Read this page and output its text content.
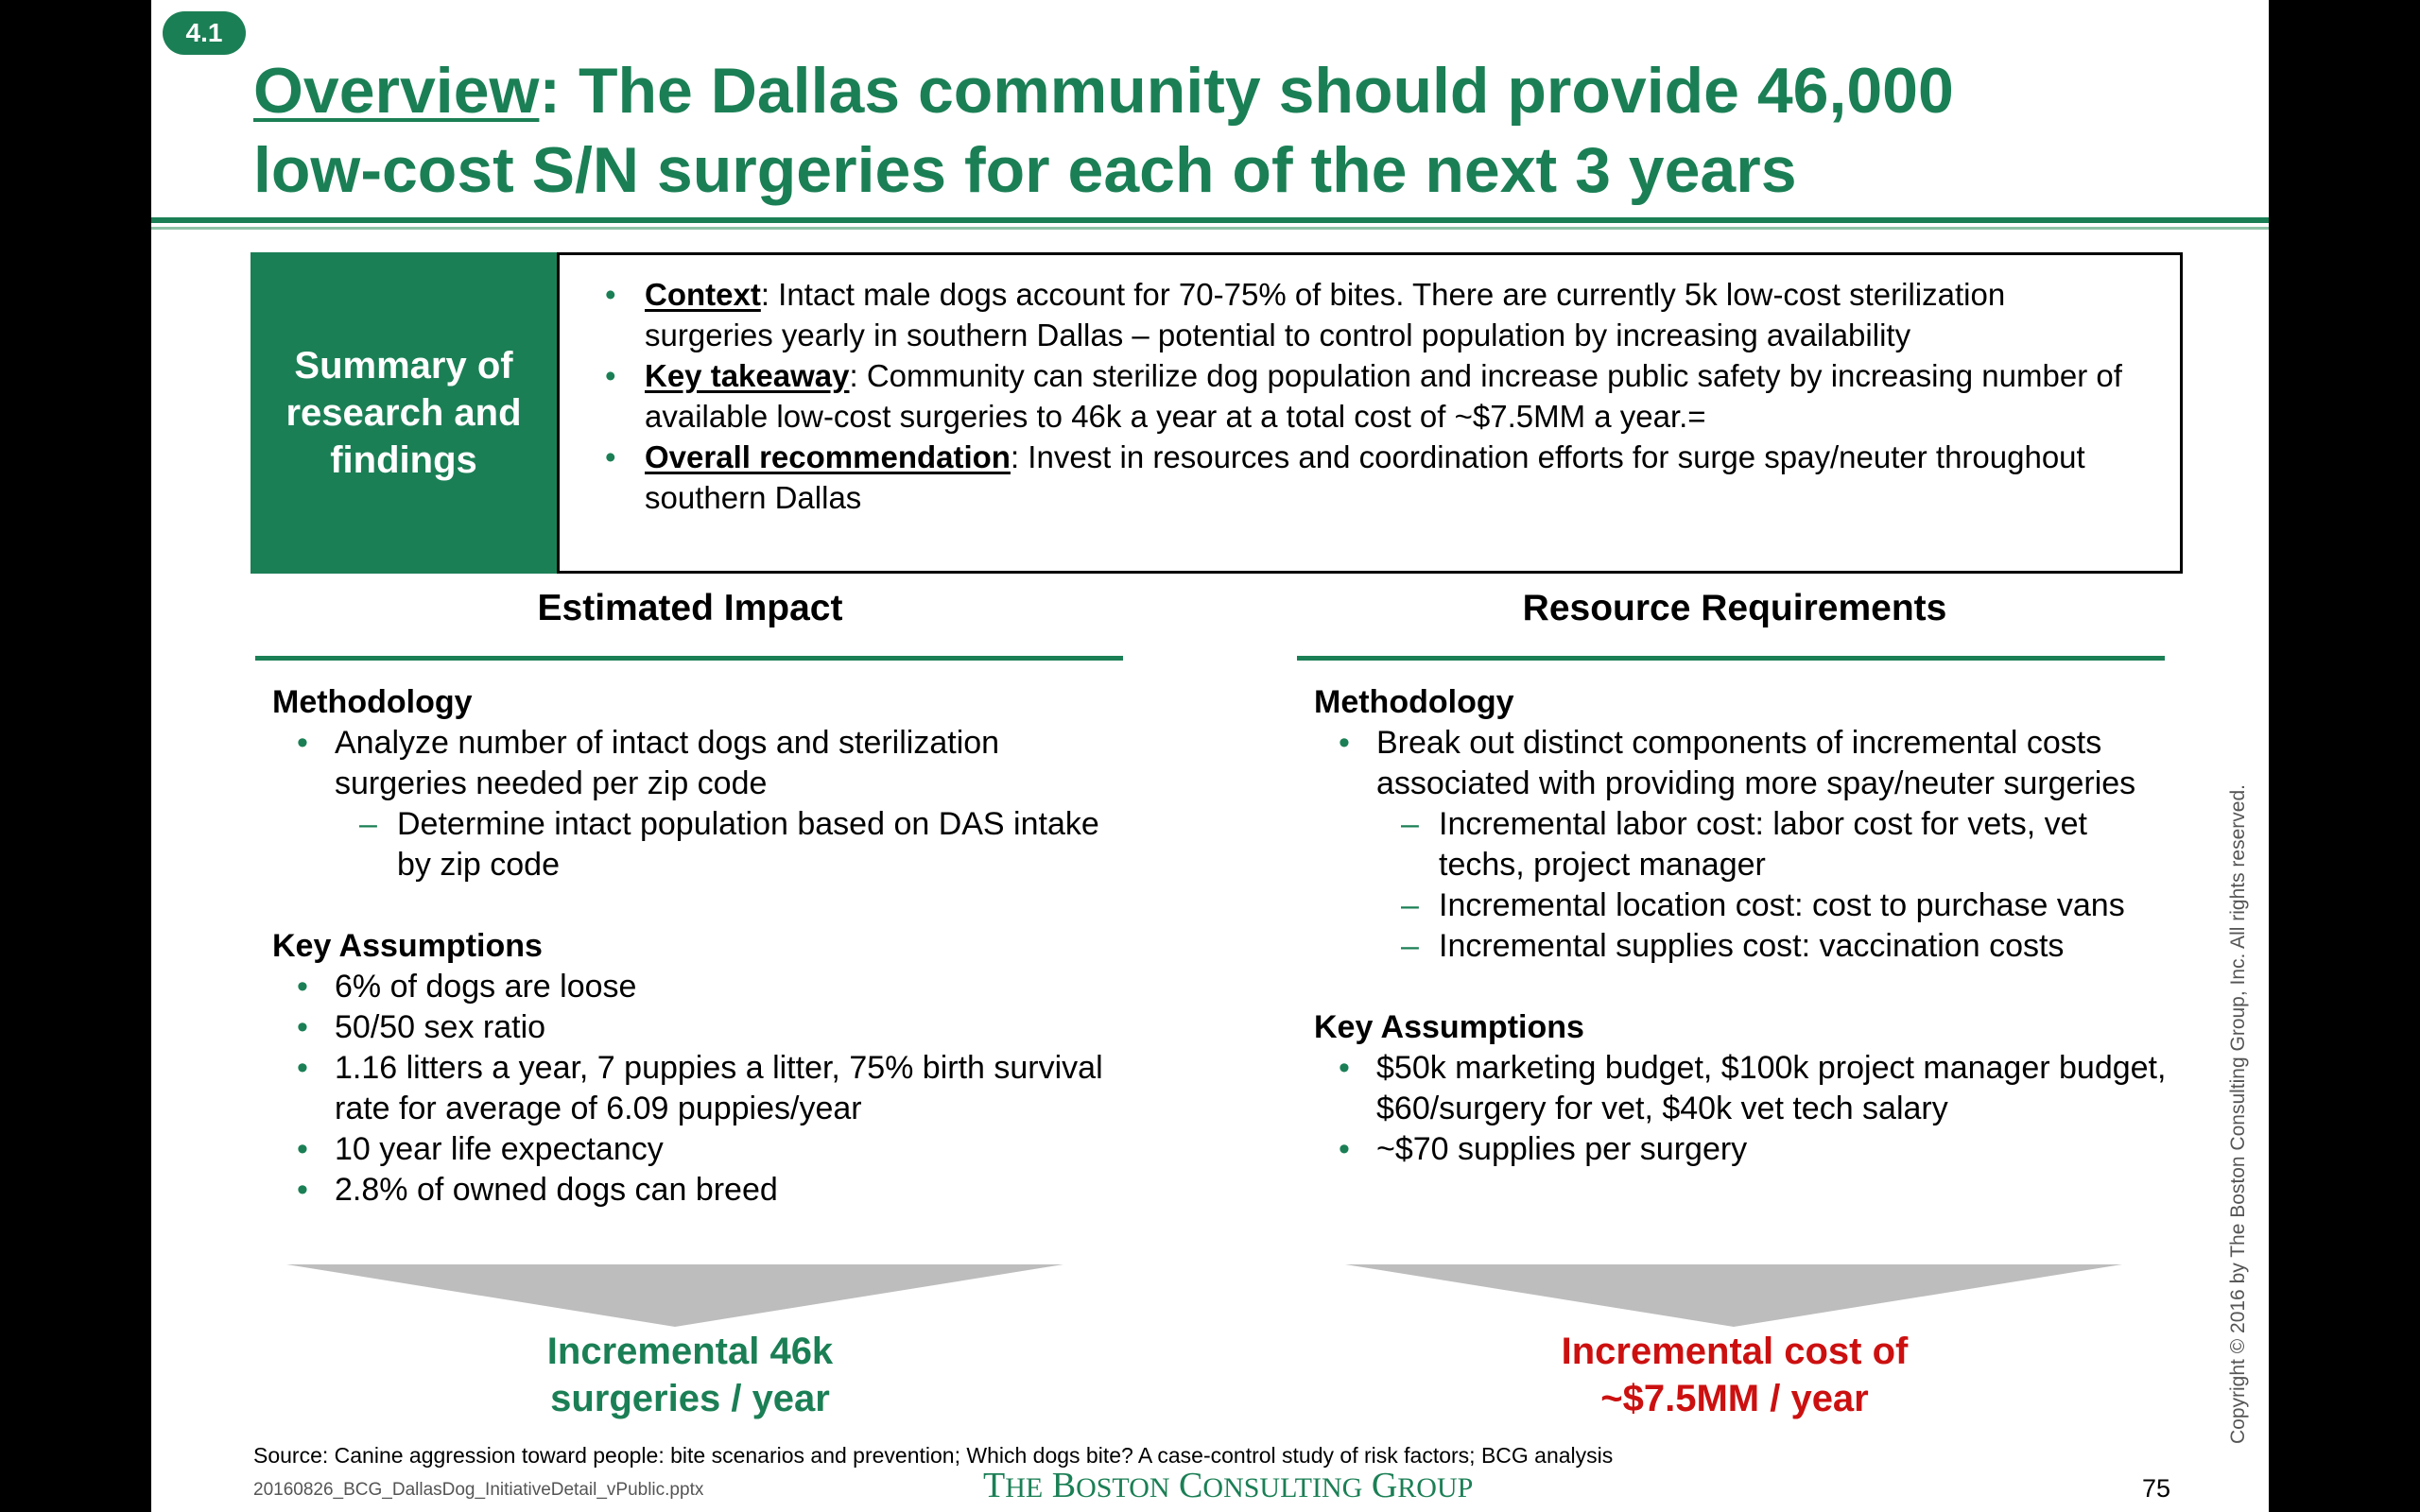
4.1
Overview: The Dallas community should provide 46,000
low-cost S/N surgeries for each of the next 3 years
Summary of research and findings
• Context: Intact male dogs account for 70-75% of bites. There are currently 5k low-cost sterilization surgeries yearly in southern Dallas – potential to control population by increasing availability
• Key takeaway: Community can sterilize dog population and increase public safety by increasing number of available low-cost surgeries to 46k a year at a total cost of ~$7.5MM a year.=
• Overall recommendation: Invest in resources and coordination efforts for surge spay/neuter throughout southern Dallas
Estimated Impact
Methodology
• Analyze number of intact dogs and sterilization surgeries needed per zip code
– Determine intact population based on DAS intake by zip code
Key Assumptions
• 6% of dogs are loose
• 50/50 sex ratio
• 1.16 litters a year, 7 puppies a litter, 75% birth survival rate for average of 6.09 puppies/year
• 10 year life expectancy
• 2.8% of owned dogs can breed
Incremental 46k
surgeries / year
Resource Requirements
Methodology
• Break out distinct components of incremental costs associated with providing more spay/neuter surgeries
– Incremental labor cost: labor cost for vets, vet techs, project manager
– Incremental location cost: cost to purchase vans
– Incremental supplies cost: vaccination costs
Key Assumptions
• $50k marketing budget, $100k project manager budget, $60/surgery for vet, $40k vet tech salary
• ~$70 supplies per surgery
Incremental cost of
~$7.5MM / year
Source: Canine aggression toward people: bite scenarios and prevention; Which dogs bite? A case-control study of risk factors; BCG analysis
20160826_BCG_DallasDog_InitiativeDetail_vPublic.pptx	THE BOSTON CONSULTING GROUP	75
Copyright © 2016 by The Boston Consulting Group, Inc. All rights reserved.
